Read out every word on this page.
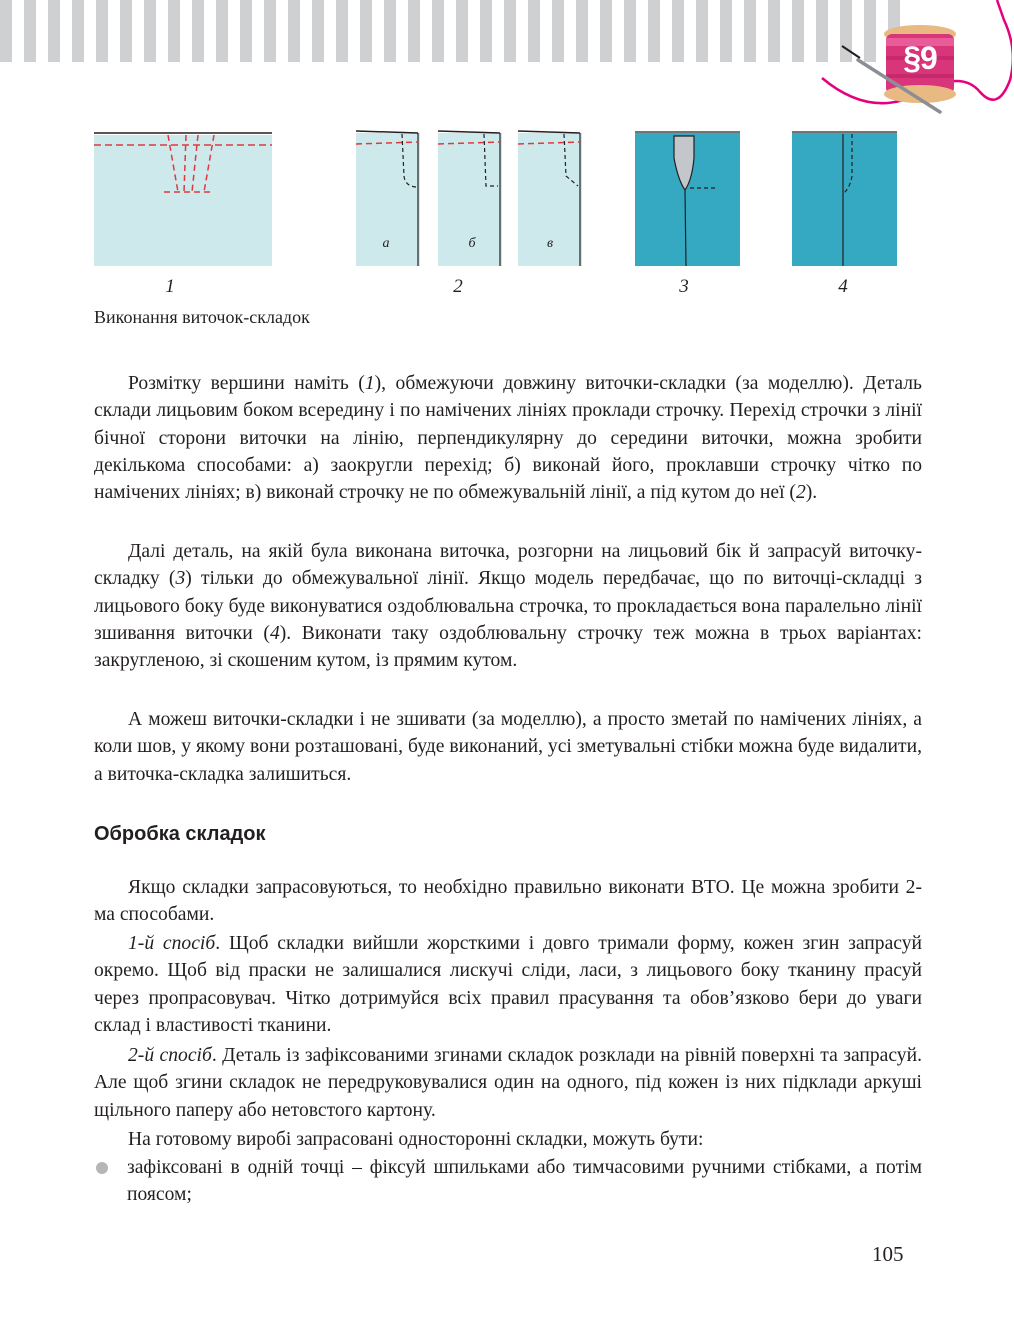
§9
1	2	3	4
а	б	в
Виконання виточок-складок

Розмітку вершини наміть (1), обмежуючи довжину виточки-складки (за моделлю). Деталь склади лицьовим боком всередину і по намічених лініях проклади строчку. Перехід строчки з лінії бічної сторони виточки на лінію, перпендикулярну до середини виточки, можна зробити декількома способами: а) заокругли перехід; б) виконай його, проклавши строчку чітко по намічених лініях; в) виконай строчку не по обмежувальній лінії, а під кутом до неї (2).

Далі деталь, на якій була виконана виточка, розгорни на лицьовий бік й запрасуй виточку-складку (3) тільки до обмежувальної лінії. Якщо модель передбачає, що по виточці-складці з лицьового боку буде виконуватися оздоблювальна строчка, то прокладається вона паралельно лінії зшивання виточки (4). Виконати таку оздоблювальну строчку теж можна в трьох варіантах: закругленою, зі скошеним кутом, із прямим кутом.

А можеш виточки-складки і не зшивати (за моделлю), а просто зметай по намічених лініях, а коли шов, у якому вони розташовані, буде виконаний, усі зметувальні стібки можна буде видалити, а виточка-складка залишиться.

Обробка складок

Якщо складки запрасовуються, то необхідно правильно виконати ВТО. Це можна зробити 2-ма способами.

1-й спосіб. Щоб складки вийшли жорсткими і довго тримали форму, кожен згин запрасуй окремо. Щоб від праски не залишалися лискучі сліди, ласи, з лицьового боку тканину прасуй через пропрасовувач. Чітко дотримуйся всіх правил прасування та обов’язково бери до уваги склад і властивості тканини.

2-й спосіб. Деталь із зафіксованими згинами складок розклади на рівній поверхні та запрасуй. Але щоб згини складок не передруковувалися один на одного, під кожен із них підклади аркуші щільного паперу або нетовстого картону.

На готовому виробі запрасовані односторонні складки, можуть бути:

зафіксовані в одній точці – фіксуй шпильками або тимчасовими ручними стібками, а потім поясом;

105
